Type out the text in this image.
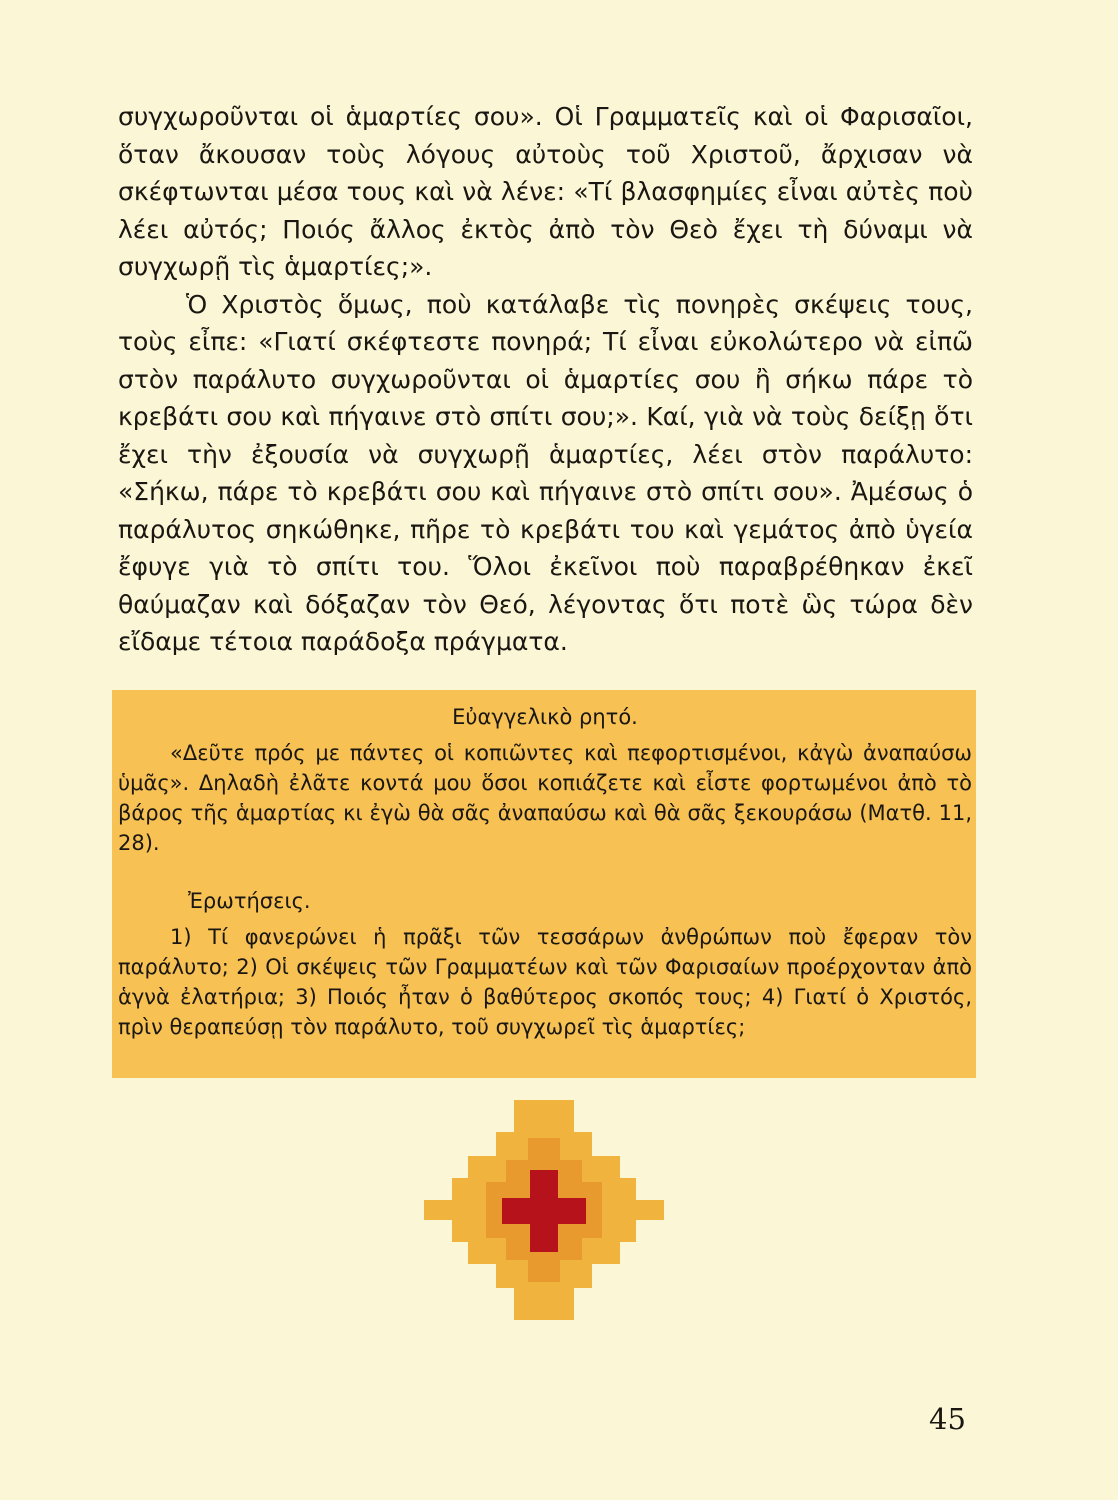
συγχωροῦνται οἱ ἁμαρτίες σου». Οἱ Γραμματεῖς καὶ οἱ Φαρισαῖοι, ὅταν ἄκουσαν τοὺς λόγους αὐτοὺς τοῦ Χριστοῦ, ἄρχισαν νὰ σκέφτωνται μέσα τους καὶ νὰ λένε: «Τί βλασφημίες εἶναι αὐτὲς ποὺ λέει αὐτός; Ποιός ἄλλος ἐκτὸς ἀπὸ τὸν Θεὸ ἔχει τὴ δύναμι νὰ συγχωρῇ τὶς ἁμαρτίες;».

Ὁ Χριστὸς ὅμως, ποὺ κατάλαβε τὶς πονηρὲς σκέψεις τους, τοὺς εἶπε: «Γιατί σκέφτεστε πονηρά; Τί εἶναι εὐκολώτερο νὰ εἰπῶ στὸν παράλυτο συγχωροῦνται οἱ ἁμαρτίες σου ἢ σήκω πάρε τὸ κρεβάτι σου καὶ πήγαινε στὸ σπίτι σου;». Καί, γιὰ νὰ τοὺς δείξῃ ὅτι ἔχει τὴν ἐξουσία νὰ συγχωρῇ ἁμαρτίες, λέει στὸν παράλυτο: «Σήκω, πάρε τὸ κρεβάτι σου καὶ πήγαινε στὸ σπίτι σου». Ἀμέσως ὁ παράλυτος σηκώθηκε, πῆρε τὸ κρεβάτι του καὶ γεμάτος ἀπὸ ὑγεία ἔφυγε γιὰ τὸ σπίτι του. Ὅλοι ἐκεῖνοι ποὺ παραβρέθηκαν ἐκεῖ θαύμαζαν καὶ δόξαζαν τὸν Θεό, λέγοντας ὅτι ποτὲ ὣς τώρα δὲν εἴδαμε τέτοια παράδοξα πράγματα.

Εὐαγγελικὸ ρητό.

«Δεῦτε πρός με πάντες οἱ κοπιῶντες καὶ πεφορτισμένοι, κἀγὼ ἀναπαύσω ὑμᾶς». Δηλαδὴ ἐλᾶτε κοντά μου ὅσοι κοπιάζετε καὶ εἶστε φορτωμένοι ἀπὸ τὸ βάρος τῆς ἁμαρτίας κι ἐγὼ θὰ σᾶς ἀναπαύσω καὶ θὰ σᾶς ξεκουράσω (Ματθ. 11, 28).

Ἐρωτήσεις.

1) Τί φανερώνει ἡ πρᾶξι τῶν τεσσάρων ἀνθρώπων ποὺ ἔφεραν τὸν παράλυτο; 2) Οἱ σκέψεις τῶν Γραμματέων καὶ τῶν Φαρισαίων προέρχονταν ἀπὸ ἁγνὰ ἐλατήρια; 3) Ποιός ἦταν ὁ βαθύτερος σκοπός τους; 4) Γιατί ὁ Χριστός, πρὶν θεραπεύσῃ τὸν παράλυτο, τοῦ συγχωρεῖ τὶς ἁμαρτίες;

45
